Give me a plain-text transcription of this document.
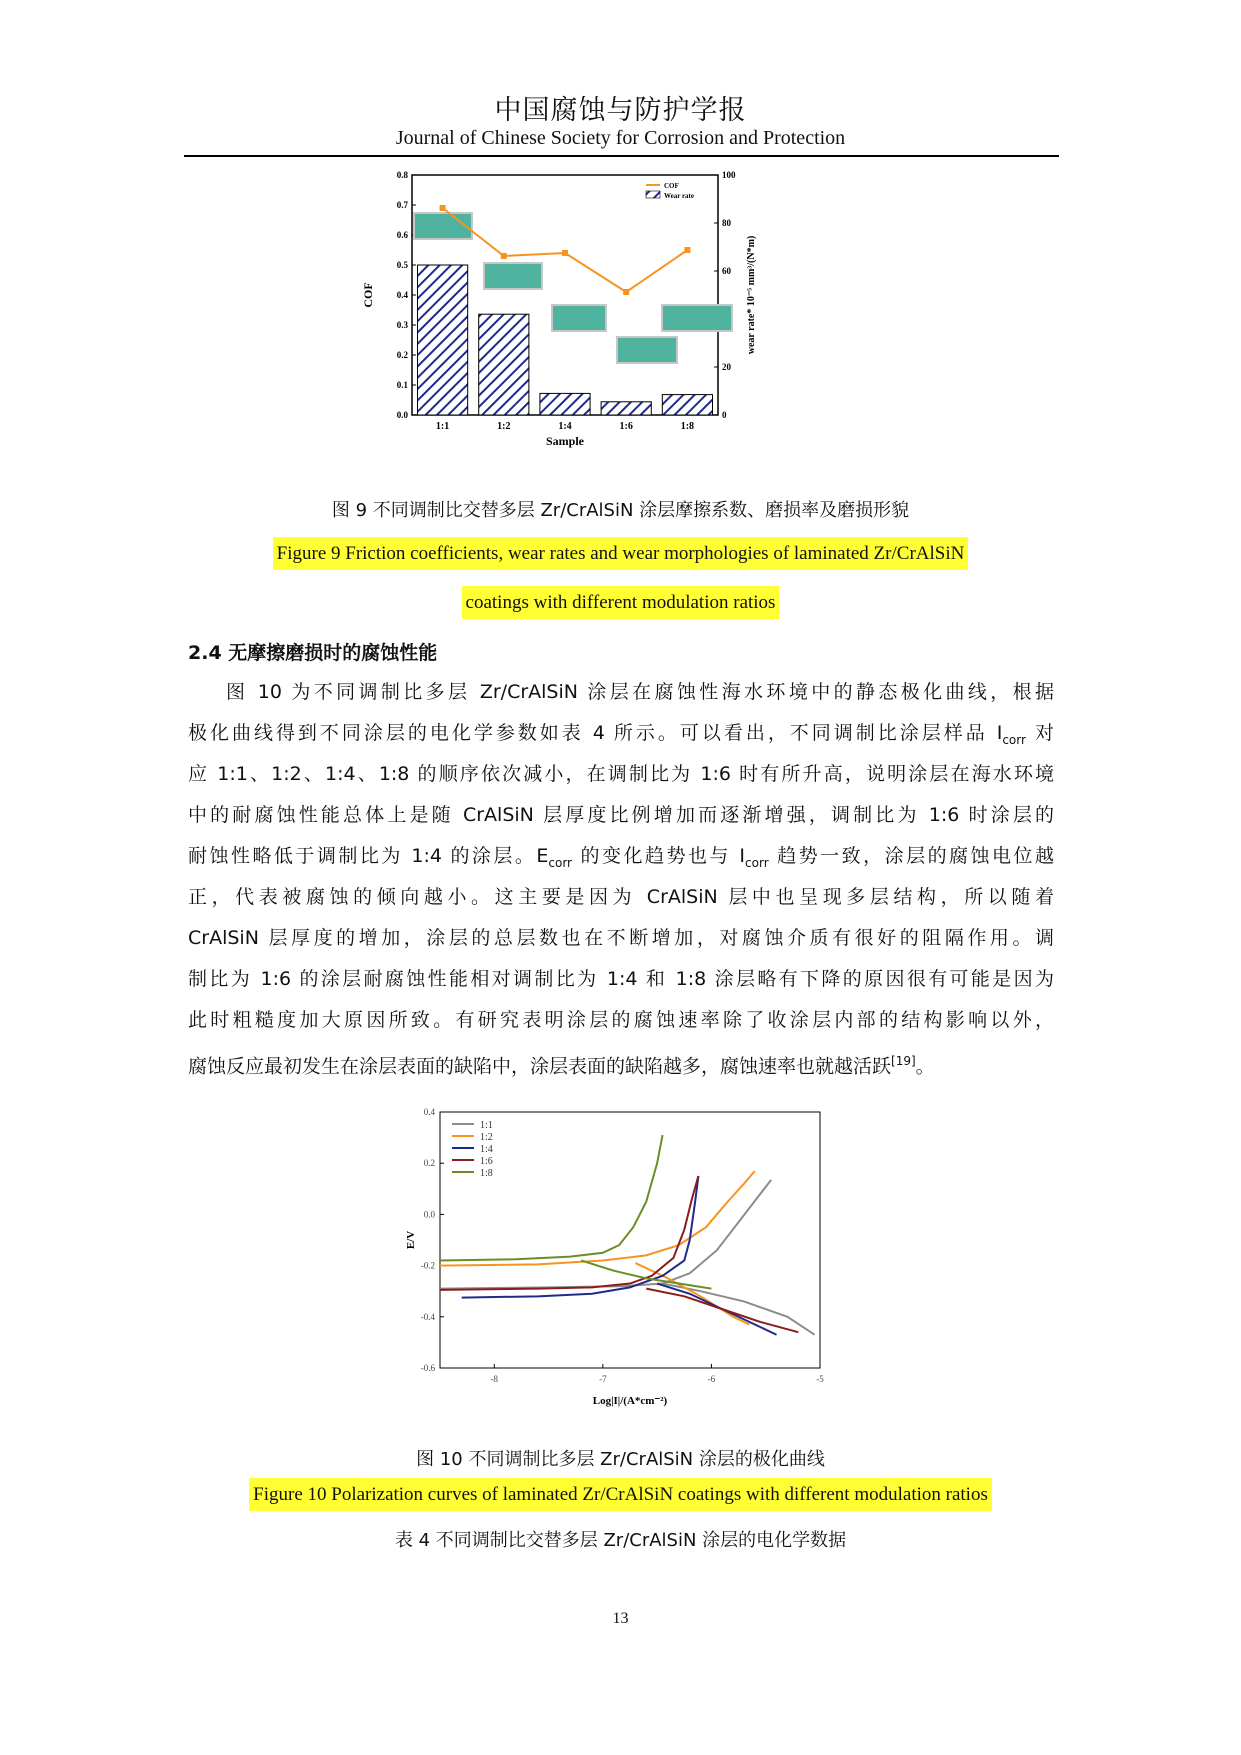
中国腐蚀与防护学报
Journal of Chinese Society for Corrosion and Protection
0.0
0.1
0.2
0.3
0.4
0.5
0.6
0.7
0.8
0
20
60
80
100
1:1	1:2	1:4	1:6	1:8
Sample
COF	wear rate* 10⁻⁵ mm³/(N*m)
COF
Wear rate
图 9 不同调制比交替多层 Zr/CrAlSiN 涂层摩擦系数、磨损率及磨损形貌
Figure 9 Friction coefficients, wear rates and wear morphologies of laminated Zr/CrAlSiN
coatings with different modulation ratios
2.4 无摩擦磨损时的腐蚀性能
图 10 为不同调制比多层 Zr/CrAlSiN 涂层在腐蚀性海水环境中的静态极化曲线，根据
极化曲线得到不同涂层的电化学参数如表 4 所示。可以看出，不同调制比涂层样品 $I_{corr}$ 对
应 1:1、1:2、1:4、1:8 的顺序依次减小，在调制比为 1:6 时有所升高，说明涂层在海水环境
中的耐腐蚀性能总体上是随 CrAlSiN 层厚度比例增加而逐渐增强，调制比为 1:6 时涂层的
耐蚀性略低于调制比为 1:4 的涂层。$E_{corr}$ 的变化趋势也与 $I_{corr}$ 趋势一致，涂层的腐蚀电位越
正，代表被腐蚀的倾向越小。这主要是因为 CrAlSiN 层中也呈现多层结构，所以随着
CrAlSiN 层厚度的增加，涂层的总层数也在不断增加，对腐蚀介质有很好的阻隔作用。调
制比为 1:6 的涂层耐腐蚀性能相对调制比为 1:4 和 1:8 涂层略有下降的原因很有可能是因为
此时粗糙度加大原因所致。有研究表明涂层的腐蚀速率除了收涂层内部的结构影响以外，
腐蚀反应最初发生在涂层表面的缺陷中，涂层表面的缺陷越多，腐蚀速率也就越活跃[19]。
-8	-7	-6	-5
-0.6
-0.4
-0.2
0.0
0.2
0.4
1:1
1:2
1:4
1:6
1:8
Log|I|/(A*cm⁻²)
E/V
图 10 不同调制比多层 Zr/CrAlSiN 涂层的极化曲线
Figure 10 Polarization curves of laminated Zr/CrAlSiN coatings with different modulation ratios
表 4 不同调制比交替多层 Zr/CrAlSiN 涂层的电化学数据
13
